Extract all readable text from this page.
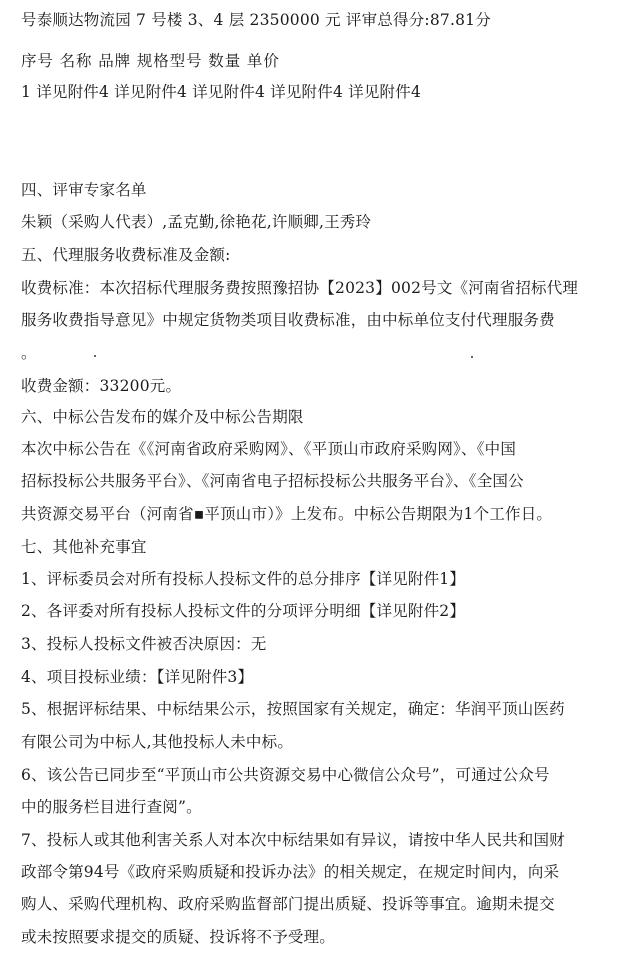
号泰顺达物流园 7 号楼 3、4 层 2350000 元 评审总得分:87.81分

序号 名称 品牌 规格型号 数量 单价

1 详见附件4 详见附件4 详见附件4 详见附件4 详见附件4

四、评审专家名单

朱颖（采购人代表）,孟克勤,徐艳花,许顺卿,王秀玲

五、代理服务收费标准及金额:

收费标准：本次招标代理服务费按照豫招协【2023】002号文《河南省招标代理

服务收费指导意见》中规定货物类项目收费标准，由中标单位支付代理服务费

。

收费金额：33200元。

六、中标公告发布的媒介及中标公告期限

本次中标公告在《《河南省政府采购网》、《平顶山市政府采购网》、《中国

招标投标公共服务平台》、《河南省电子招标投标公共服务平台》、《全国公

共资源交易平台（河南省▪平顶山市）》上发布。中标公告期限为1个工作日。

七、其他补充事宜

1、评标委员会对所有投标人投标文件的总分排序【详见附件1】

2、各评委对所有投标人投标文件的分项评分明细【详见附件2】

3、投标人投标文件被否决原因：无

4、项目投标业绩：【详见附件3】

5、根据评标结果、中标结果公示，按照国家有关规定，确定：华润平顶山医药

有限公司为中标人,其他投标人未中标。

6、该公告已同步至“平顶山市公共资源交易中心微信公众号”，可通过公众号

中的服务栏目进行查阅”。

7、投标人或其他利害关系人对本次中标结果如有异议，请按中华人民共和国财

政部令第94号《政府采购质疑和投诉办法》的相关规定，在规定时间内，向采

购人、采购代理机构、政府采购监督部门提出质疑、投诉等事宜。逾期未提交

或未按照要求提交的质疑、投诉将不予受理。
